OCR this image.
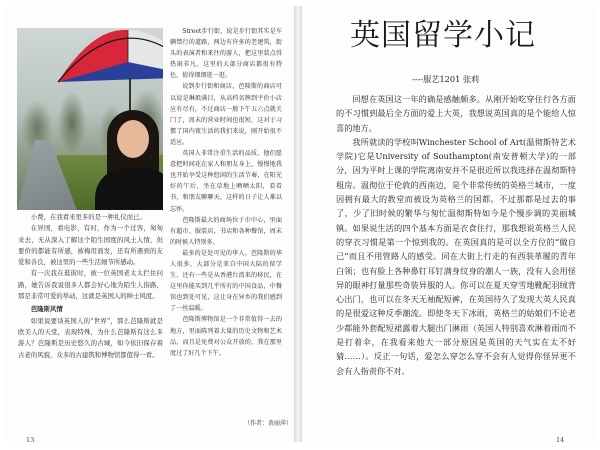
小费，在我看来更多的是一种礼仪而已。

在异国，看电影，有时，作为一个过客，匆匆来去，无从深入了解这个陌生国度的风土人情，但要价的都能有所感，被梅用面发，还有所遇到的友爱和善良，被这里的一些生活细节所感动。

有一次我在逛街时，被一位英国老太太拦住问路，她告诉我说很多人都会好心地为陌生人指路，那是非常可爱的举动，这就是英国人的绅士风度。

芭隆斯风情

如果说要谈英国人的“世界”，那么芭隆斯就是欧美人的天堂，表现特殊，为什么芭隆斯有这么多游人？芭隆斯是历史悠久的古城，如今依旧保存着古老的风貌，众多的古建筑和博物馆都值得一看。

Street步行街，说是步行街其实是车辆禁行的道路，两边有许多的老建筑，街头的表演者和来往的游人，把这里装点得热闹非凡。这里的大部分商店都很有特色，值得细细逛一逛。

说到步行街和商店，芭隆斯的商店可以说是琳琅满目，从高档名牌到平价小店应有尽有，不过商店一般下午五六点就关门了，周末的营业时间也很短，这对于习惯了国内夜生活的我们来说，刚开始很不适应。

英国人非常注重生活的品质，他们愿意把时间花在家人和朋友身上，慢慢地我也开始享受这种悠闲的生活节奏，在阳光好的午后，坐在草地上晒晒太阳，看看书，和朋友聊聊天，这样的日子让人难以忘怀。

芭隆斯最大的商场位于市中心，里面有超市、服装店、书店和各种餐馆，周末的时候人特别多。

最多的是处可见的华人。芭隆斯的华人很多，大部分是来自中国大陆的留学生，还有一些是从香港台湾来的移民，在这里你能买到几乎所有的中国食品，中餐馆也到处可见，这让身在异乡的我们感到了一丝温暖。

芭隆斯博物馆是一个非常值得一去的地方，里面陈列着大量的历史文物和艺术品，而且是免费对公众开放的，我在那里度过了好几个下午。

（作者：黄丽萍）
13
英国留学小记
----服艺1201 张莉

回想在英国这一年的确是感触颇多。从刚开始吃穿住行各方面的不习惯到最后全方面的爱上大英，我想说英国真的是个能给人惊喜的地方。

我所就读的学校叫Winchester School of Art(温彻斯特艺术学院)它是University of Southampton(南安普顿大学)的一部分，因为平时上课的学院离南安并不是很近所以我选择在温彻斯特租房。温彻位于伦敦的西南边，是个非常传统的英格兰城市，一度因拥有最大的教堂而被设为英格兰的国都。不过那都是过去的事了，少了旧时候的繁华与匆忙温彻斯特如今是个慢步调的美丽城镇。如果说生活的四个基本方面是衣食住行，那我想说英格兰人民的穿衣习惯是第一个惊到我的。在英国真的是可以全方位的“做自己”而且不用管路人的感受。同在大街上行走的有西装革履的青年白领；也有脸上各种鼻钉耳钉满身纹身的潮人一族，没有人会用怪异的眼神打量那些奇装异服的人。你可以在夏天穿雪地靴配羽绒背心出门，也可以在冬天无袖配短裤，在英国待久了发现大英人民真的是很爱这种反季潮流。即使冬天下冰雨，英格兰的姑娘们不论老少都能外套配短裙露着大腿出门淋雨（英国人特别喜欢淋着雨而不是打着伞，在我看来他大一部分原因是英国的天气实在太不好猜……）。反正一句话，爱怎么穿怎么穿不会有人觉得你怪异更不会有人指责你不对。

14
